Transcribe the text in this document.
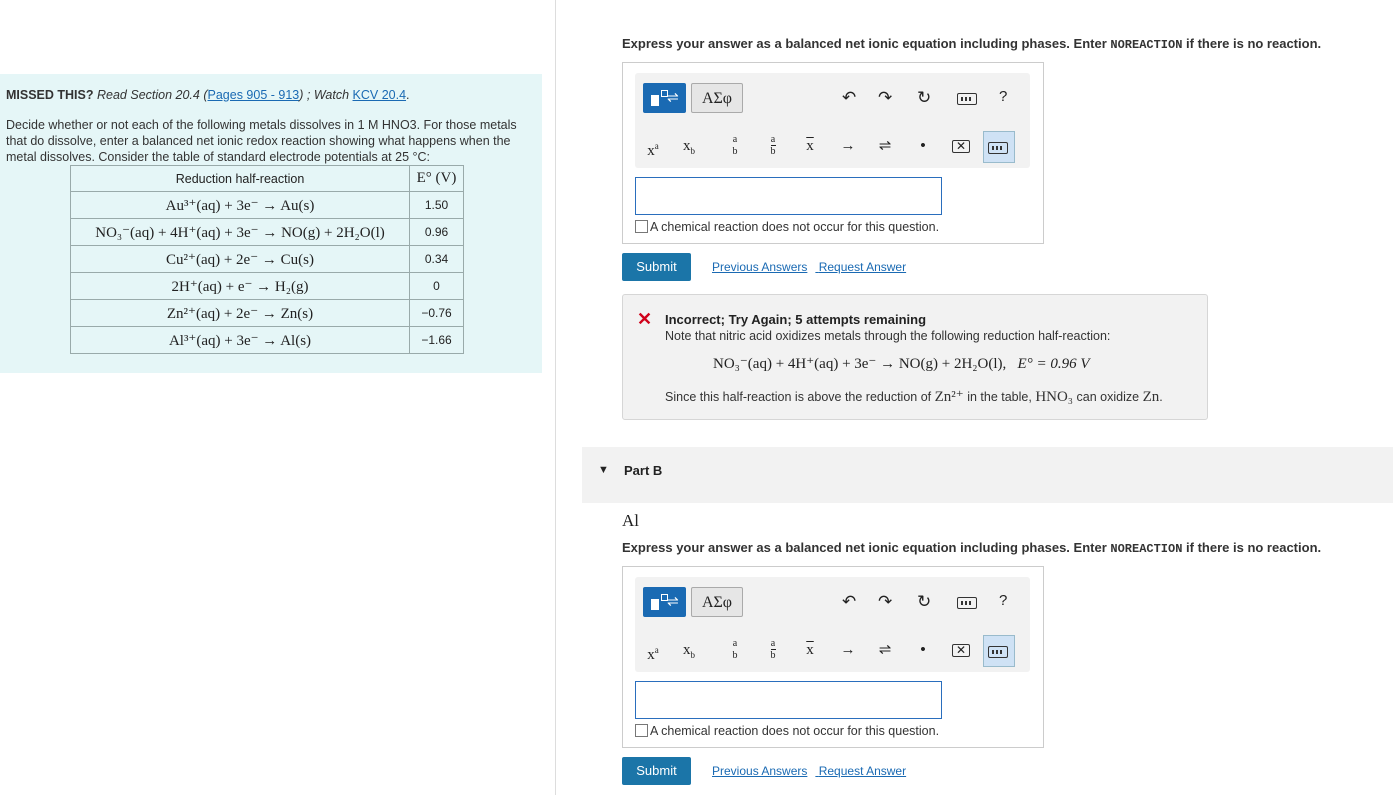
MISSED THIS? Read Section 20.4 (Pages 905 - 913) ; Watch KCV 20.4.
Decide whether or not each of the following metals dissolves in 1 M HNO3. For those metals that do dissolve, enter a balanced net ionic redox reaction showing what happens when the metal dissolves. Consider the table of standard electrode potentials at 25 °C:
Reduction half-reaction	E° (V)
Au³⁺(aq) + 3e⁻ → Au(s)	1.50
NO₃⁻(aq) + 4H⁺(aq) + 3e⁻ → NO(g) + 2H₂O(l)	0.96
Cu²⁺(aq) + 2e⁻ → Cu(s)	0.34
2H⁺(aq) + e⁻ → H₂(g)	0
Zn²⁺(aq) + 2e⁻ → Zn(s)	−0.76
Al³⁺(aq) + 3e⁻ → Al(s)	−1.66
Express your answer as a balanced net ionic equation including phases. Enter NOREACTION if there is no reaction.
⇌	ΑΣφ	↶ ↷ ↻	?
$x^a$	$x_b$
a
b
a
b	$\overline{x}$	→	⇌	•	✕
A chemical reaction does not occur for this question.
Submit	Previous Answers Request Answer
✕ Incorrect; Try Again; 5 attempts remaining
Note that nitric acid oxidizes metals through the following reduction half-reaction:
NO₃⁻(aq) + 4H⁺(aq) + 3e⁻ → NO(g) + 2H₂O(l), E° = 0.96 V
Since this half-reaction is above the reduction of Zn²⁺ in the table, HNO₃ can oxidize Zn.
▼ Part B
Al
Express your answer as a balanced net ionic equation including phases. Enter NOREACTION if there is no reaction.
⇌	ΑΣφ	↶ ↷ ↻	?
$x^a$	$x_b$
a
b
a
b	$\overline{x}$	→	⇌	•	✕
A chemical reaction does not occur for this question.
Submit	Previous Answers Request Answer
